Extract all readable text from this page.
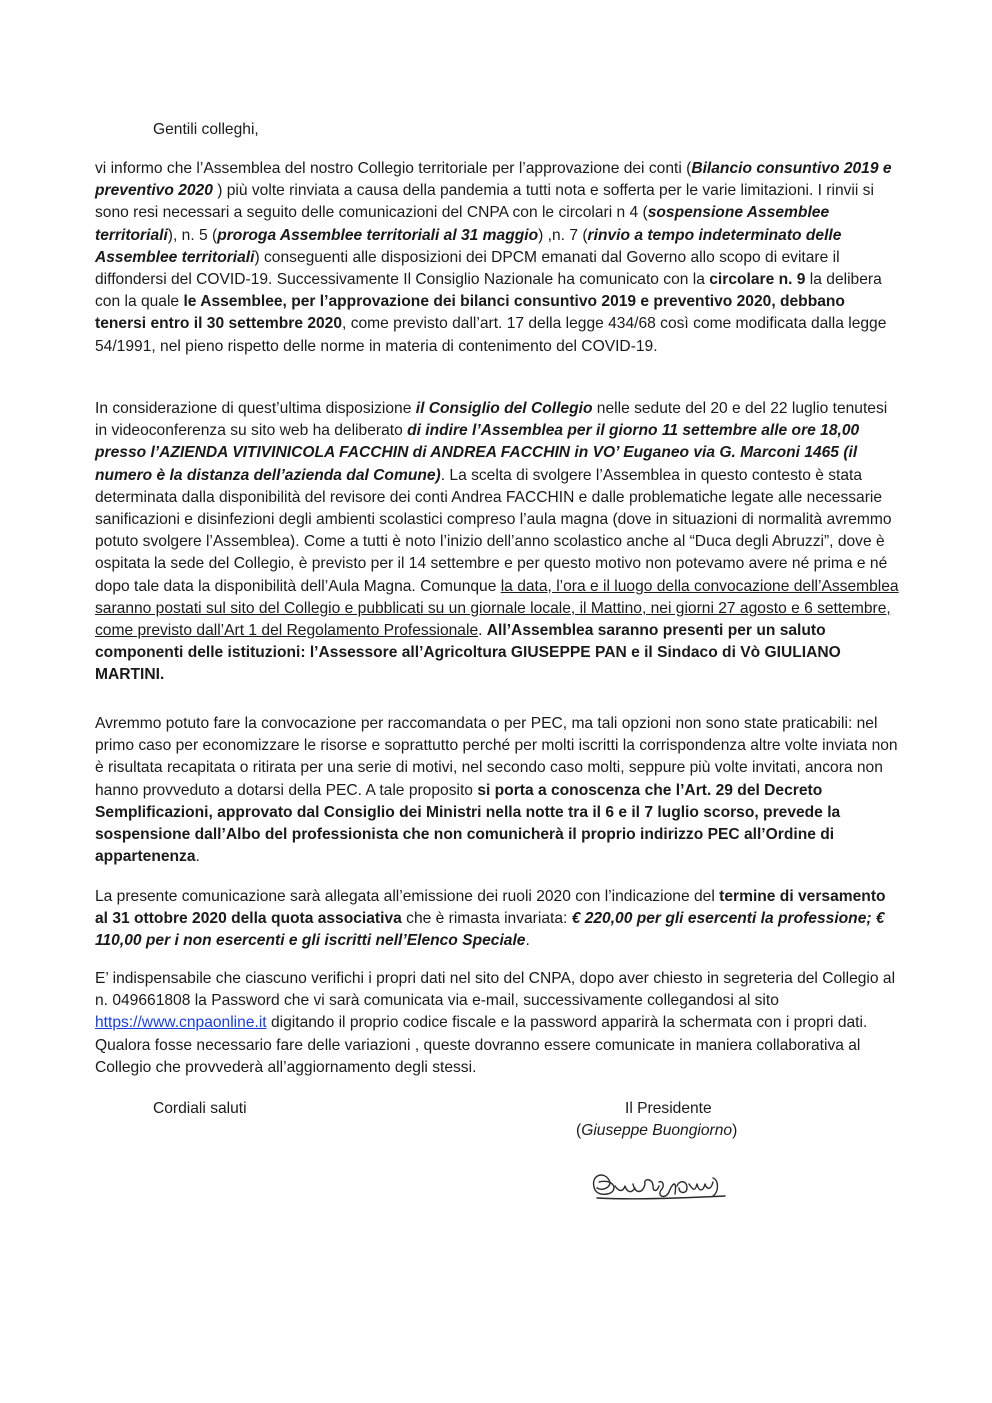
Gentili colleghi,

vi informo che l’Assemblea del nostro Collegio territoriale per l’approvazione dei conti (Bilancio consuntivo 2019 e preventivo 2020 ) più volte rinviata a causa della pandemia a tutti nota e sofferta per le varie limitazioni. I rinvii si sono resi necessari a seguito delle comunicazioni del CNPA con le circolari n 4 (sospensione Assemblee territoriali), n. 5 (proroga Assemblee territoriali al 31 maggio) ,n. 7 (rinvio a tempo indeterminato delle Assemblee territoriali) conseguenti alle disposizioni dei DPCM emanati dal Governo allo scopo di evitare il diffondersi del COVID-19. Successivamente Il Consiglio Nazionale ha comunicato con la circolare n. 9 la delibera con la quale le Assemblee, per l’approvazione dei bilanci consuntivo 2019 e preventivo 2020, debbano tenersi entro il 30 settembre 2020, come previsto dall’art. 17 della legge 434/68 così come modificata dalla legge 54/1991, nel pieno rispetto delle norme in materia di contenimento del COVID-19.

In considerazione di quest’ultima disposizione il Consiglio del Collegio nelle sedute del 20 e del 22 luglio tenutesi in videoconferenza su sito web ha deliberato di indire l’Assemblea per il giorno 11 settembre alle ore 18,00 presso l’AZIENDA VITIVINICOLA FACCHIN di ANDREA FACCHIN in VO’ Euganeo via G. Marconi 1465 (il numero è la distanza dell’azienda dal Comune). La scelta di svolgere l’Assemblea in questo contesto è stata determinata dalla disponibilità del revisore dei conti Andrea FACCHIN e dalle problematiche legate alle necessarie sanificazioni e disinfezioni degli ambienti scolastici compreso l’aula magna (dove in situazioni di normalità avremmo potuto svolgere l’Assemblea). Come a tutti è noto l’inizio dell’anno scolastico anche al “Duca degli Abruzzi”, dove è ospitata la sede del Collegio, è previsto per il 14 settembre e per questo motivo non potevamo avere né prima e né dopo tale data la disponibilità dell’Aula Magna. Comunque la data, l’ora e il luogo della convocazione dell’Assemblea saranno postati sul sito del Collegio e pubblicati su un giornale locale, il Mattino, nei giorni 27 agosto e 6 settembre, come previsto dall’Art 1 del Regolamento Professionale. All’Assemblea saranno presenti per un saluto componenti delle istituzioni: l’Assessore all’Agricoltura GIUSEPPE PAN e il Sindaco di Vò GIULIANO MARTINI.

Avremmo potuto fare la convocazione per raccomandata o per PEC, ma tali opzioni non sono state praticabili: nel primo caso per economizzare le risorse e soprattutto perché per molti iscritti la corrispondenza altre volte inviata non è risultata recapitata o ritirata per una serie di motivi, nel secondo caso molti, seppure più volte invitati, ancora non hanno provveduto a dotarsi della PEC. A tale proposito si porta a conoscenza che l’Art. 29 del Decreto Semplificazioni, approvato dal Consiglio dei Ministri nella notte tra il 6 e il 7 luglio scorso, prevede la sospensione dall’Albo del professionista che non comunicherà il proprio indirizzo PEC all’Ordine di appartenenza.

La presente comunicazione sarà allegata all’emissione dei ruoli 2020 con l’indicazione del termine di versamento al 31 ottobre 2020 della quota associativa che è rimasta invariata: € 220,00 per gli esercenti la professione; € 110,00 per i non esercenti e gli iscritti nell’Elenco Speciale.

E’ indispensabile che ciascuno verifichi i propri dati nel sito del CNPA, dopo aver chiesto in segreteria del Collegio al n. 049661808 la Password che vi sarà comunicata via e-mail, successivamente collegandosi al sito https://www.cnpaonline.it digitando il proprio codice fiscale e la password apparirà la schermata con i propri dati. Qualora fosse necessario fare delle variazioni , queste dovranno essere comunicate in maniera collaborativa al Collegio che provvederà all’aggiornamento degli stessi.

Cordiali saluti	Il Presidente

(Giuseppe Buongiorno)
